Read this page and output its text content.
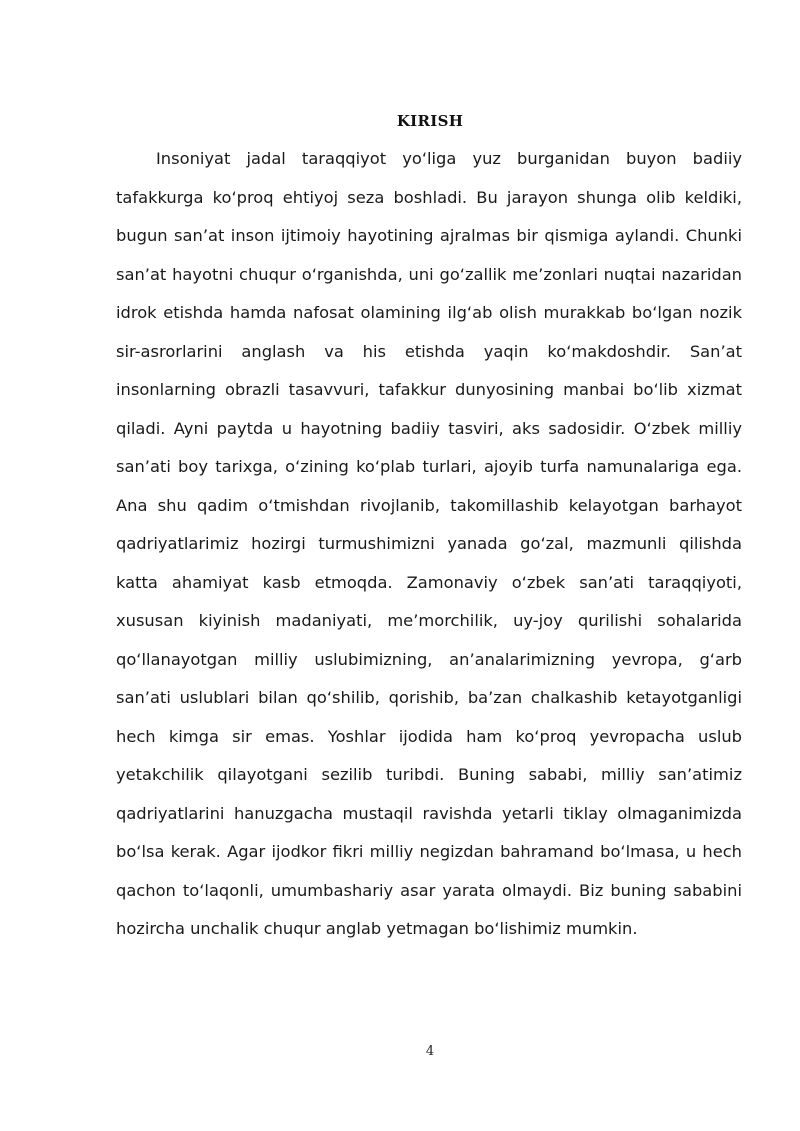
KIRISH

Insoniyat jadal taraqqiyot yo‘liga yuz burganidan buyon badiiy tafakkurga ko‘proq ehtiyoj seza boshladi. Bu jarayon shunga olib keldiki, bugun san’at inson ijtimoiy hayotining ajralmas bir qismiga aylandi. Chunki san’at hayotni chuqur o‘rganishda, uni go‘zallik me’zonlari nuqtai nazaridan idrok etishda hamda nafosat olamining ilg‘ab olish murakkab bo‘lgan nozik sir-asrorlarini anglash va his etishda yaqin ko‘makdoshdir. San’at insonlarning obrazli tasavvuri, tafakkur dunyosining manbai bo‘lib xizmat qiladi. Ayni paytda u hayotning badiiy tasviri, aks sadosidir. O‘zbek milliy san’ati boy tarixga, o‘zining ko‘plab turlari, ajoyib turfa namunalariga ega. Ana shu qadim o‘tmishdan rivojlanib, takomillashib kelayotgan barhayot qadriyatlarimiz hozirgi turmushimizni yanada go‘zal, mazmunli qilishda katta ahamiyat kasb etmoqda. Zamonaviy o‘zbek san’ati taraqqiyoti, xususan kiyinish madaniyati, me’morchilik, uy-joy qurilishi sohalarida qo‘llanayotgan milliy uslubimizning, an’analarimizning yevropa, g‘arb san’ati uslublari bilan qo‘shilib, qorishib, ba’zan chalkashib ketayotganligi hech kimga sir emas. Yoshlar ijodida ham ko‘proq yevropacha uslub yetakchilik qilayotgani sezilib turibdi. Buning sababi, milliy san’atimiz qadriyatlarini hanuzgacha mustaqil ravishda yetarli tiklay olmaganimizda bo‘lsa kerak. Agar ijodkor fikri milliy negizdan bahramand bo‘lmasa, u hech qachon to‘laqonli, umumbashariy asar yarata olmaydi. Biz buning sababini hozircha unchalik chuqur anglab yetmagan bo‘lishimiz mumkin.

4
